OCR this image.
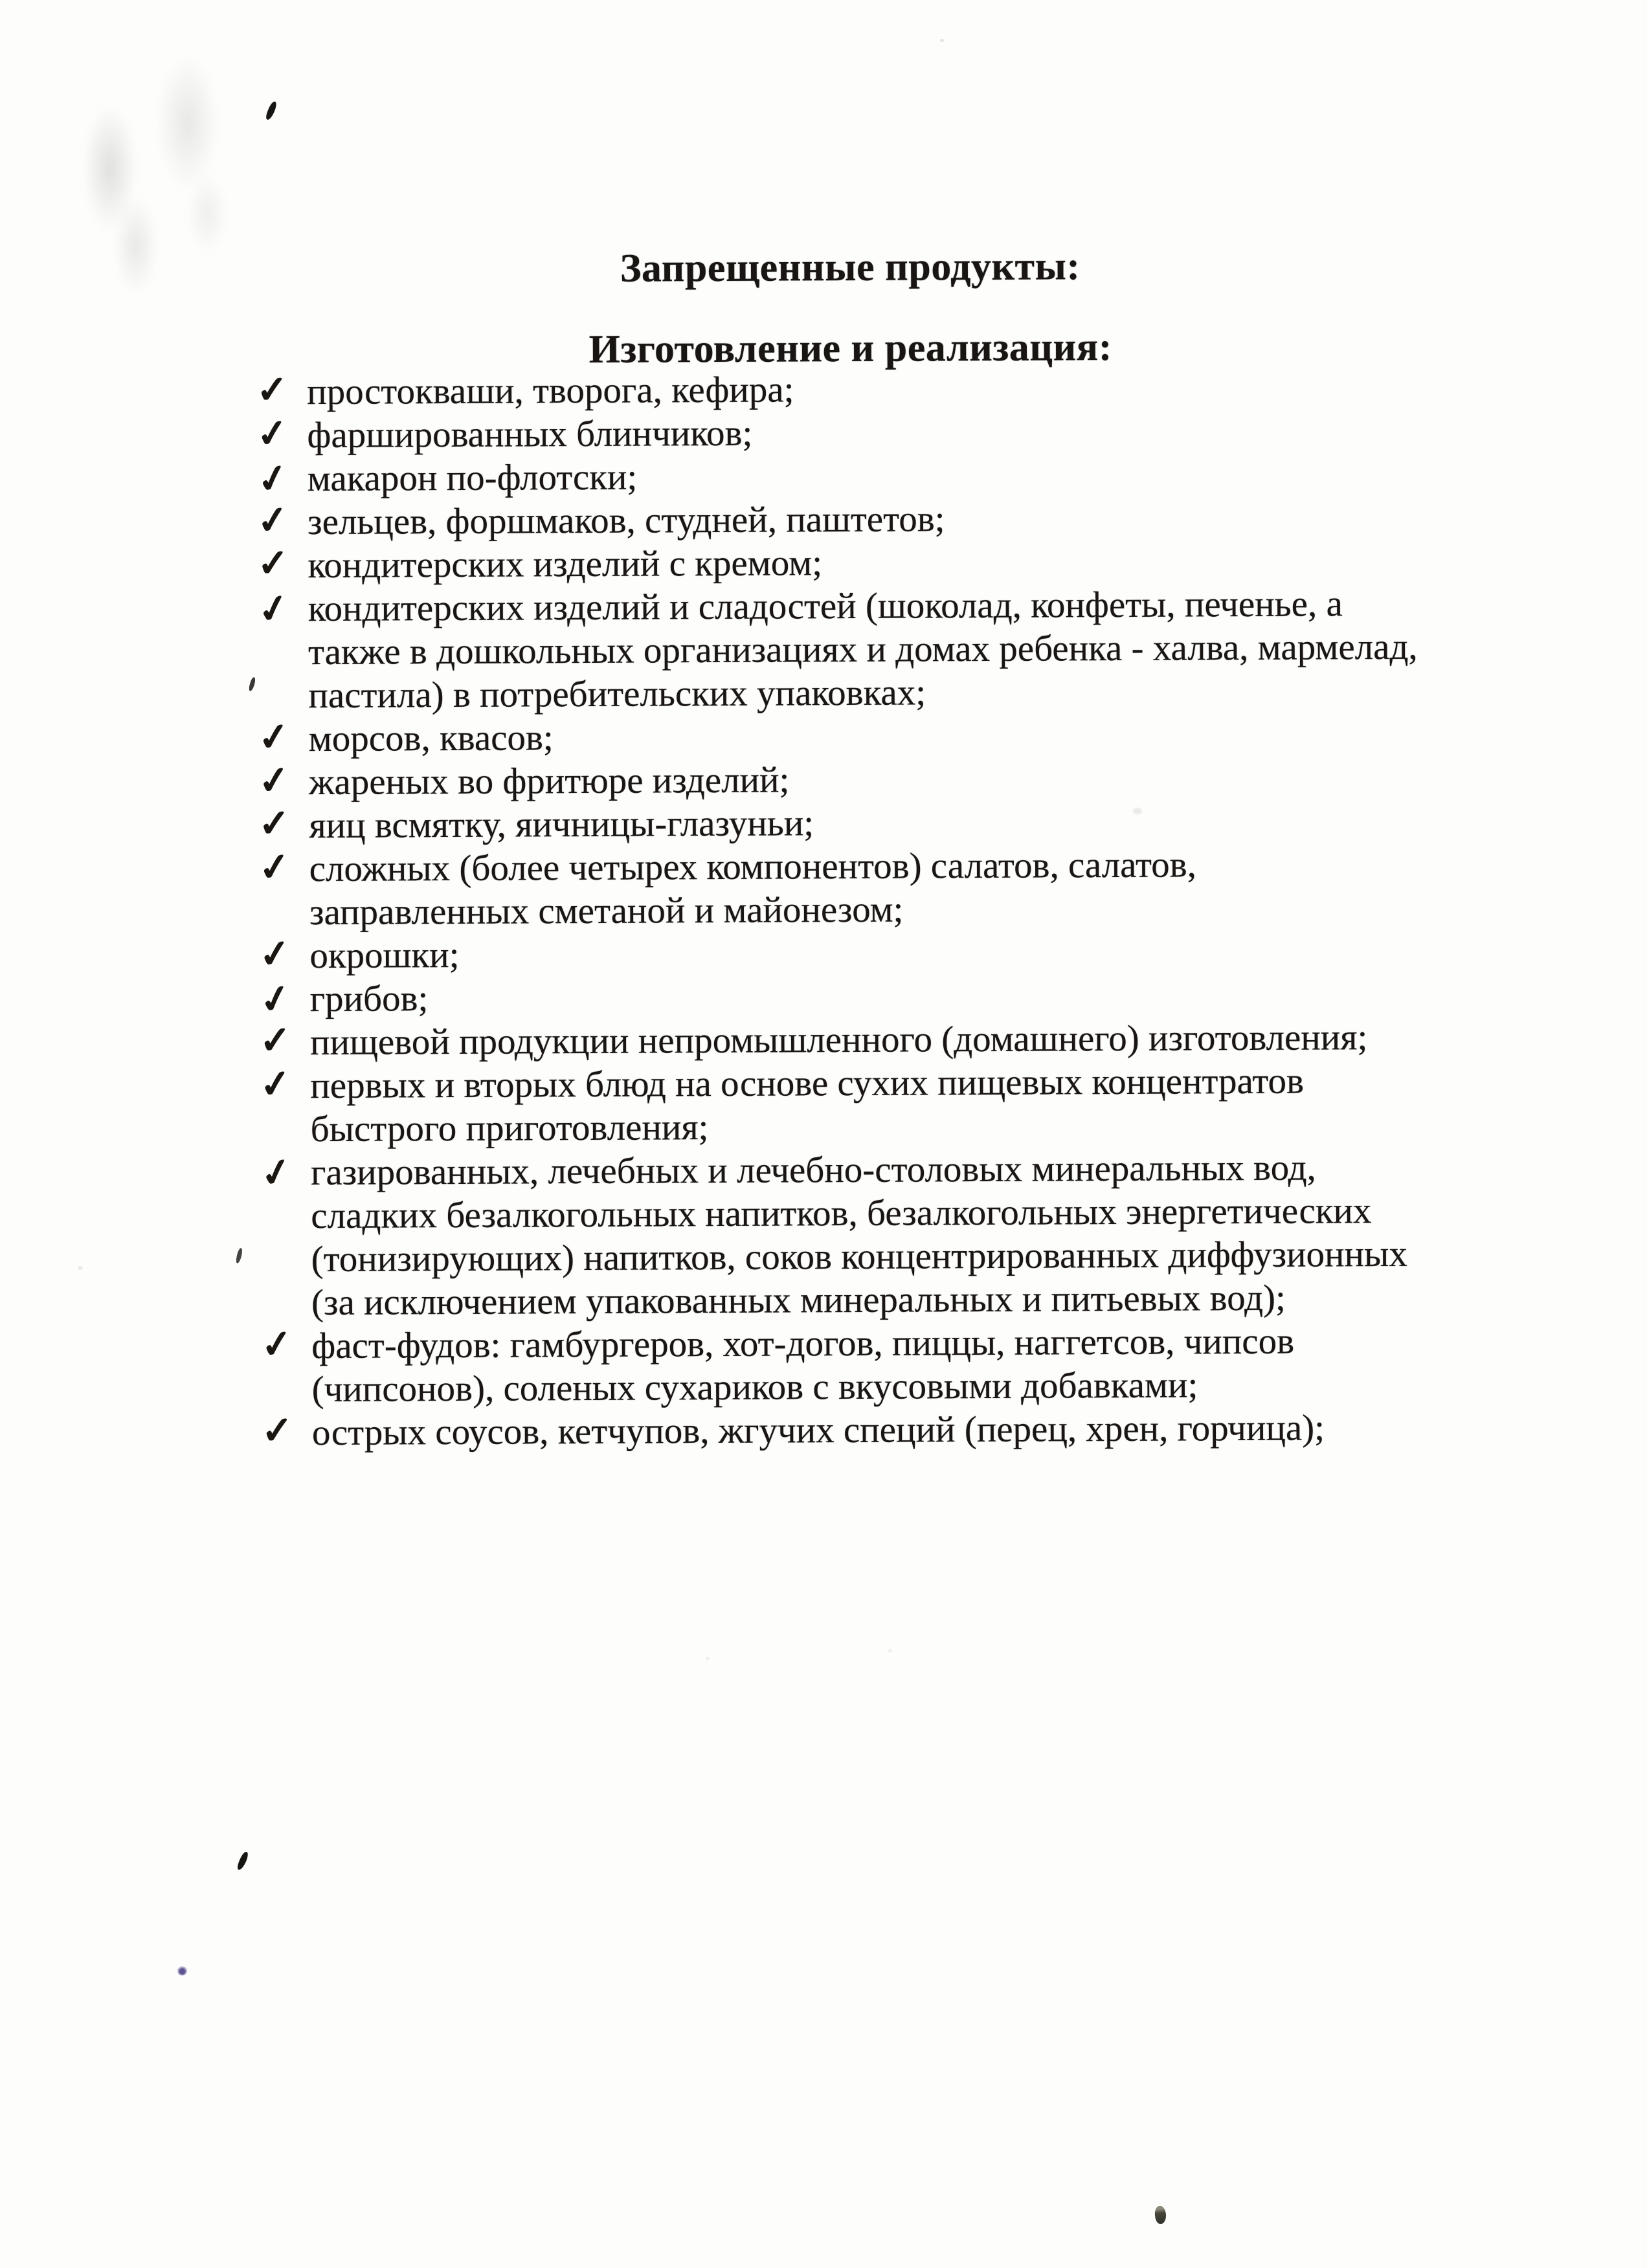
Запрещенные продукты:
Изготовление и реализация:
✓ простокваши, творога, кефира;
✓ фаршированных блинчиков;
✓ макарон по-флотски;
✓ зельцев, форшмаков, студней, паштетов;
✓ кондитерских изделий с кремом;
✓ кондитерских изделий и сладостей (шоколад, конфеты, печенье, а
также в дошкольных организациях и домах ребенка - халва, мармелад,
пастила) в потребительских упаковках;
✓ морсов, квасов;
✓ жареных во фритюре изделий;
✓ яиц всмятку, яичницы-глазуньи;
✓ сложных (более четырех компонентов) салатов, салатов,
заправленных сметаной и майонезом;
✓ окрошки;
✓ грибов;
✓ пищевой продукции непромышленного (домашнего) изготовления;
✓ первых и вторых блюд на основе сухих пищевых концентратов
быстрого приготовления;
✓ газированных, лечебных и лечебно-столовых минеральных вод,
сладких безалкогольных напитков, безалкогольных энергетических
(тонизирующих) напитков, соков концентрированных диффузионных
(за исключением упакованных минеральных и питьевых вод);
✓ фаст-фудов: гамбургеров, хот-догов, пиццы, наггетсов, чипсов
(чипсонов), соленых сухариков с вкусовыми добавками;
✓ острых соусов, кетчупов, жгучих специй (перец, хрен, горчица);
